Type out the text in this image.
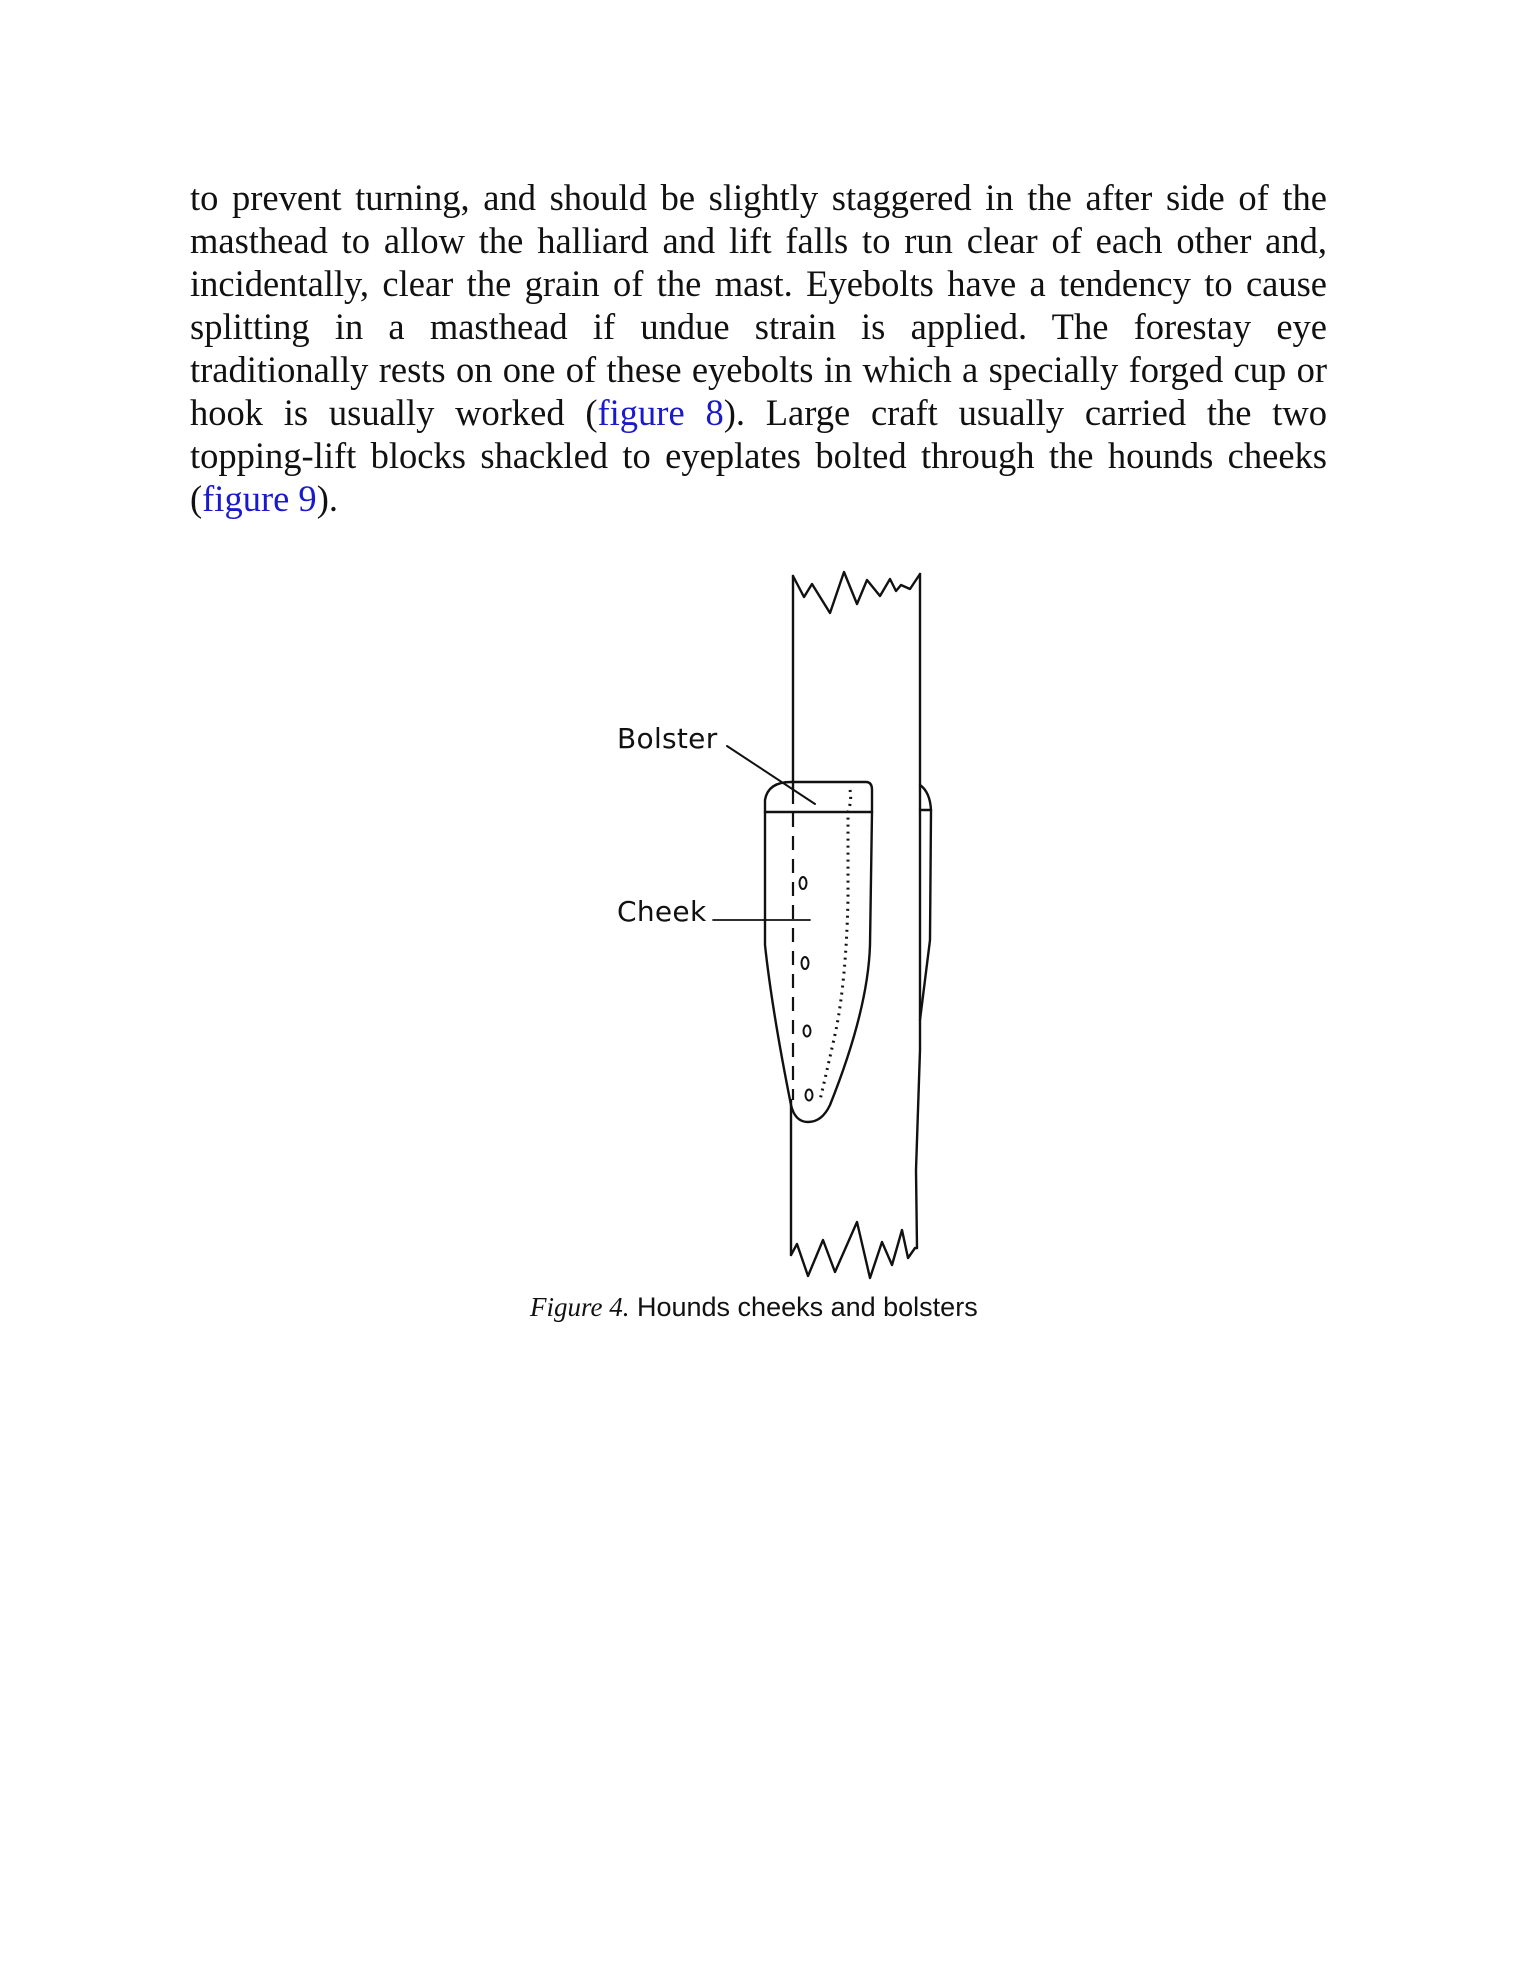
to prevent turning, and should be slightly staggered in the after side of the
masthead to allow the halliard and lift falls to run clear of each other and,
incidentally, clear the grain of the mast. Eyebolts have a tendency to cause
splitting in a masthead if undue strain is applied. The forestay eye
traditionally rests on one of these eyebolts in which a specially forged cup or
hook is usually worked (figure 8). Large craft usually carried the two
topping-lift blocks shackled to eyeplates bolted through the hounds cheeks
(figure 9).
Bolster
Cheek
Figure 4. Hounds cheeks and bolsters
